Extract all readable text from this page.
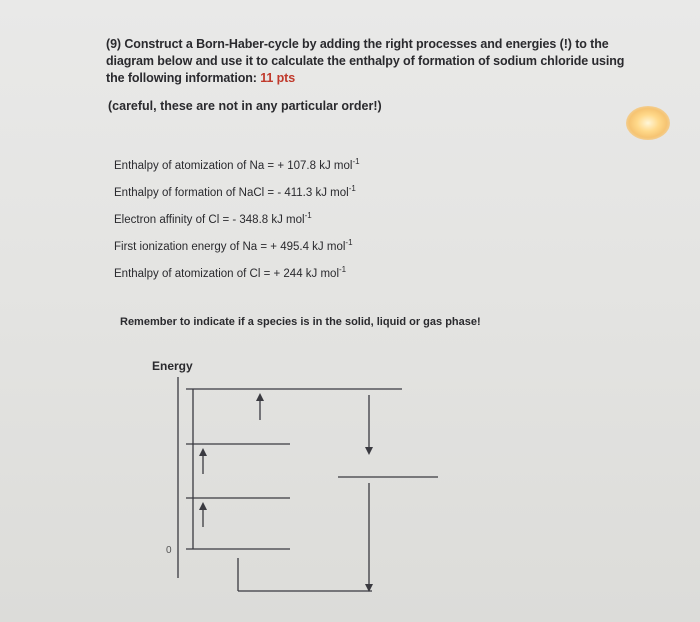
(9) Construct a Born-Haber-cycle by adding the right processes and energies (!) to the diagram below and use it to calculate the enthalpy of formation of sodium chloride using the following information: 11 pts
(careful, these are not in any particular order!)
Enthalpy of atomization of Na = + 107.8 kJ mol$^{-1}$
Enthalpy of formation of NaCl = - 411.3 kJ mol$^{-1}$
Electron affinity of Cl = - 348.8 kJ mol$^{-1}$
First ionization energy of Na = + 495.4 kJ mol$^{-1}$
Enthalpy of atomization of Cl = + 244 kJ mol$^{-1}$
Remember to indicate if a species is in the solid, liquid or gas phase!
Energy
0
